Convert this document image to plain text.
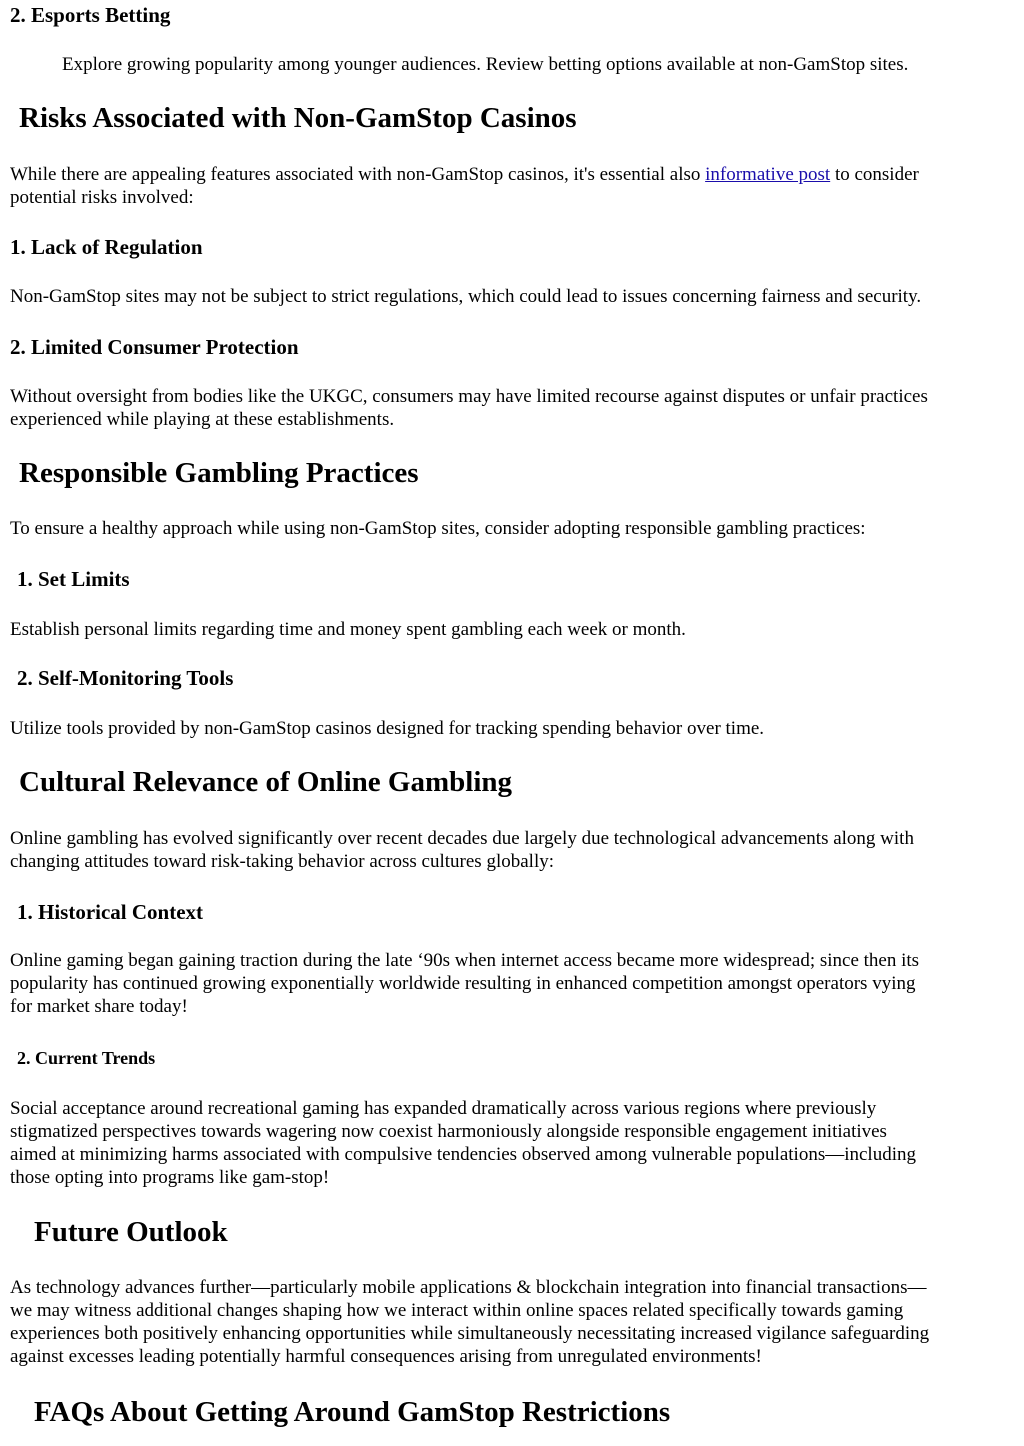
2. Esports Betting

Explore growing popularity among younger audiences. Review betting options available at non-GamStop sites.

Risks Associated with Non-GamStop Casinos

While there are appealing features associated with non-GamStop casinos, it's essential also informative post to consider

potential risks involved:

1. Lack of Regulation

Non-GamStop sites may not be subject to strict regulations, which could lead to issues concerning fairness and security.

2. Limited Consumer Protection

Without oversight from bodies like the UKGC, consumers may have limited recourse against disputes or unfair practices

experienced while playing at these establishments.

Responsible Gambling Practices

To ensure a healthy approach while using non-GamStop sites, consider adopting responsible gambling practices:

1. Set Limits

Establish personal limits regarding time and money spent gambling each week or month.

2. Self-Monitoring Tools

Utilize tools provided by non-GamStop casinos designed for tracking spending behavior over time.

Cultural Relevance of Online Gambling

Online gambling has evolved significantly over recent decades due largely due technological advancements along with

changing attitudes toward risk-taking behavior across cultures globally:

1. Historical Context

Online gaming began gaining traction during the late ‘90s when internet access became more widespread; since then its

popularity has continued growing exponentially worldwide resulting in enhanced competition amongst operators vying

for market share today!

2. Current Trends

Social acceptance around recreational gaming has expanded dramatically across various regions where previously

stigmatized perspectives towards wagering now coexist harmoniously alongside responsible engagement initiatives

aimed at minimizing harms associated with compulsive tendencies observed among vulnerable populations—including

those opting into programs like gam-stop!

Future Outlook

As technology advances further—particularly mobile applications & blockchain integration into financial transactions—

we may witness additional changes shaping how we interact within online spaces related specifically towards gaming

experiences both positively enhancing opportunities while simultaneously necessitating increased vigilance safeguarding

against excesses leading potentially harmful consequences arising from unregulated environments!

FAQs About Getting Around GamStop Restrictions
